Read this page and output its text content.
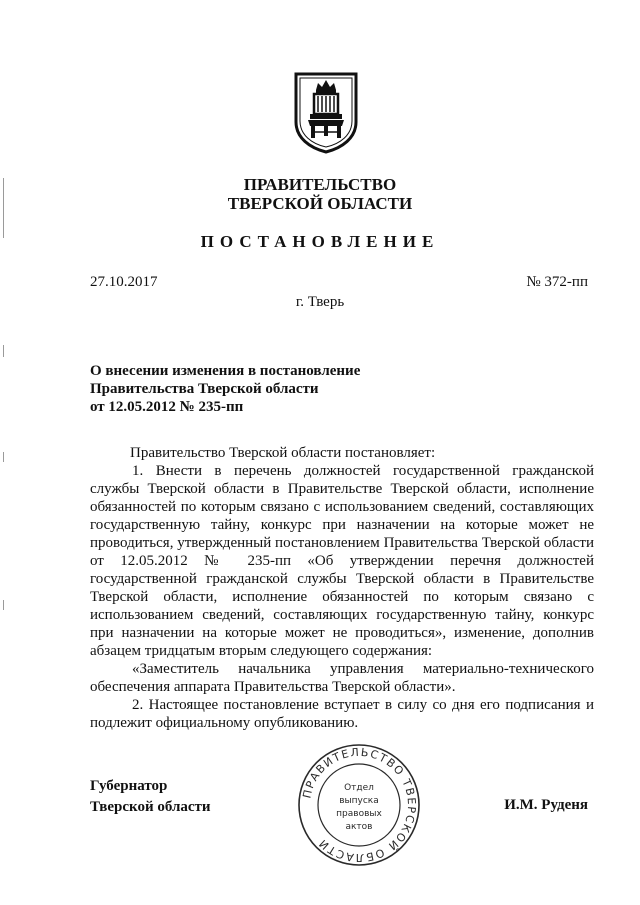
ПРАВИТЕЛЬСТВО
ТВЕРСКОЙ ОБЛАСТИ
ПОСТАНОВЛЕНИЕ
27.10.2017	№ 372-пп
г. Тверь
О внесении изменения в постановление
Правительства Тверской области
от 12.05.2012 № 235-пп

Правительство Тверской области постановляет:

1. Внести в перечень должностей государственной гражданской службы Тверской области в Правительстве Тверской области, исполнение обязанностей по которым связано с использованием сведений, составляющих государственную тайну, конкурс при назначении на которые может не проводиться, утвержденный постановлением Правительства Тверской области от 12.05.2012 № 235-пп «Об утверждении перечня должностей государственной гражданской службы Тверской области в Правительстве Тверской области, исполнение обязанностей по которым связано с использованием сведений, составляющих государственную тайну, конкурс при назначении на которые может не проводиться», изменение, дополнив абзацем тридцатым вторым следующего содержания:

«Заместитель начальника управления материально-технического обеспечения аппарата Правительства Тверской области».

2. Настоящее постановление вступает в силу со дня его подписания и подлежит официальному опубликованию.

Губернатор
Тверской области	И.М. Руденя
ПРАВИТЕЛЬСТВО ТВЕРСКОЙ ОБЛАСТИ
Отдел
выпуска
правовых
актов
